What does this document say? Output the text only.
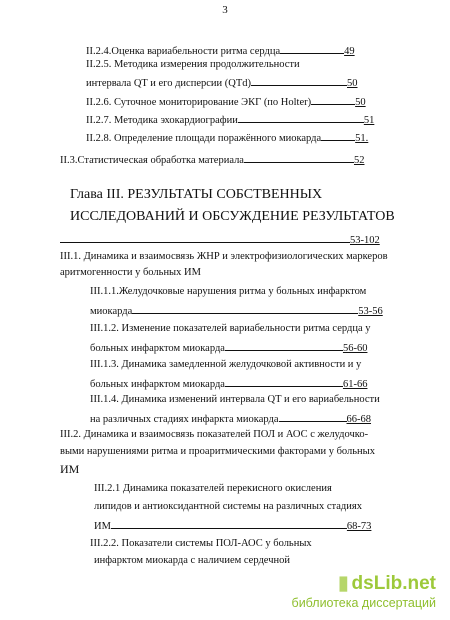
3
II.2.4.Оценка вариабельности ритма сердца	49
II.2.5. Методика измерения продолжительности
интервала QT и его дисперсии (QTd)	50
II.2.6. Суточное мониторирование ЭКГ (по Holter)	50
II.2.7. Методика эхокардиографии	51
II.2.8. Определение площади поражённого миокарда	51.
II.3.Статистическая обработка материала	52
Глава III. РЕЗУЛЬТАТЫ СОБСТВЕННЫХ
ИССЛЕДОВАНИЙ И ОБСУЖДЕНИЕ РЕЗУЛЬТАТОВ
53-102
III.1. Динамика и взаимосвязь ЖНР и электрофизиологических маркеров
аритмогенности у больных ИМ
III.1.1.Желудочковые нарушения ритма у больных инфарктом
миокарда	53-56
III.1.2. Изменение показателей вариабельности ритма сердца у
больных инфарктом миокарда	56-60
III.1.3. Динамика замедленной желудочковой активности и у
больных инфарктом миокарда	61-66
III.1.4. Динамика изменений интервала QT и его вариабельности
на различных стадиях инфаркта миокарда	66-68
III.2. Динамика и взаимосвязь показателей ПОЛ и АОС с желудочко-
выми нарушениями ритма и проаритмическими факторами у больных
ИМ
III.2.1 Динамика показателей перекисного окисления
липидов и антиоксидантной системы на различных стадиях
ИМ	68-73
III.2.2. Показатели системы ПОЛ-АОС у больных
инфарктом миокарда с наличием сердечной
▮ dsLib.net
библиотека диссертаций
